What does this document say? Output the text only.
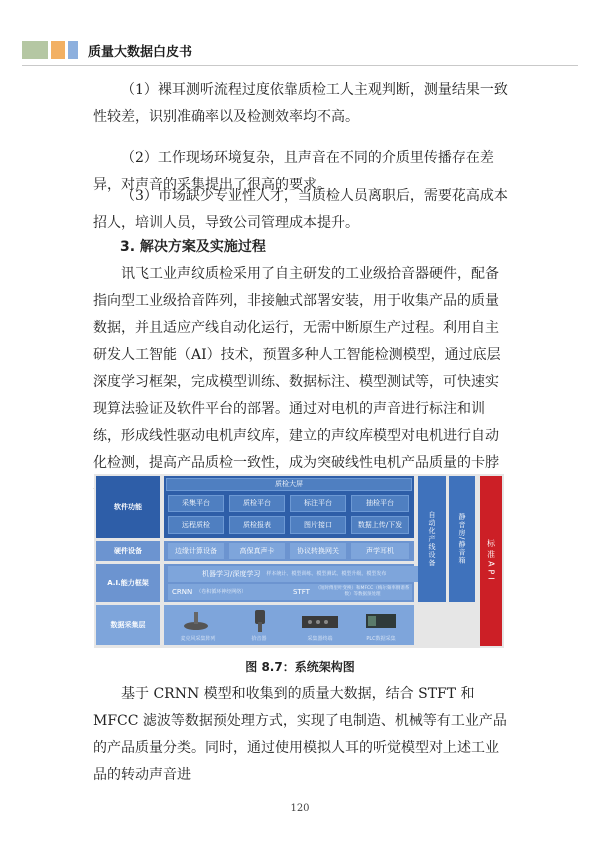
质量大数据白皮书

（1）裸耳测听流程过度依靠质检工人主观判断，测量结果一致性较差，识别准确率以及检测效率均不高。

（2）工作现场环境复杂，且声音在不同的介质里传播存在差异，对声音的采集提出了很高的要求。

（3）市场缺少专业性人才，当质检人员离职后，需要花高成本招人，培训人员，导致公司管理成本提升。

3. 解决方案及实施过程

讯飞工业声纹质检采用了自主研发的工业级拾音器硬件，配备指向型工业级拾音阵列，非接触式部署安装，用于收集产品的质量数据，并且适应产线自动化运行，无需中断原生产过程。利用自主研发人工智能（AI）技术，预置多种人工智能检测模型，通过底层深度学习框架，完成模型训练、数据标注、模型测试等，可快速实现算法验证及软件平台的部署。通过对电机的声音进行标注和训练，形成线性驱动电机声纹库，建立的声纹库模型对电机进行自动化检测，提高产品质检一致性，成为突破线性电机产品质量的卡脖

软件功能
硬件设备
A.I.能力框架
数据采集层
质检大屏
采集平台	质检平台	标注平台	抽检平台
远程质检	质检报表	图片接口	数据上传/下发
边缘计算设备	高保真声卡	协议转换网关	声学耳机
机器学习/深度学习 样本统计、模型训练、模型测试、模型升级、模型发布
CRNN （卷积循环神经网络）	STFT	（短时傅里叶变换）和MFCC（梅尔频率倒谱系数）等数据预处理
麦克风采集阵列	拾音器	采集器终端	PLC数据采集
自动化产线设备	静音房/静音箱	标准API
图 8.7：系统架构图

基于 CRNN 模型和收集到的质量大数据，结合 STFT 和 MFCC 滤波等数据预处理方式，实现了电制造、机械等有工业产品的产品质量分类。同时，通过使用模拟人耳的听觉模型对上述工业品的转动声音进

120
